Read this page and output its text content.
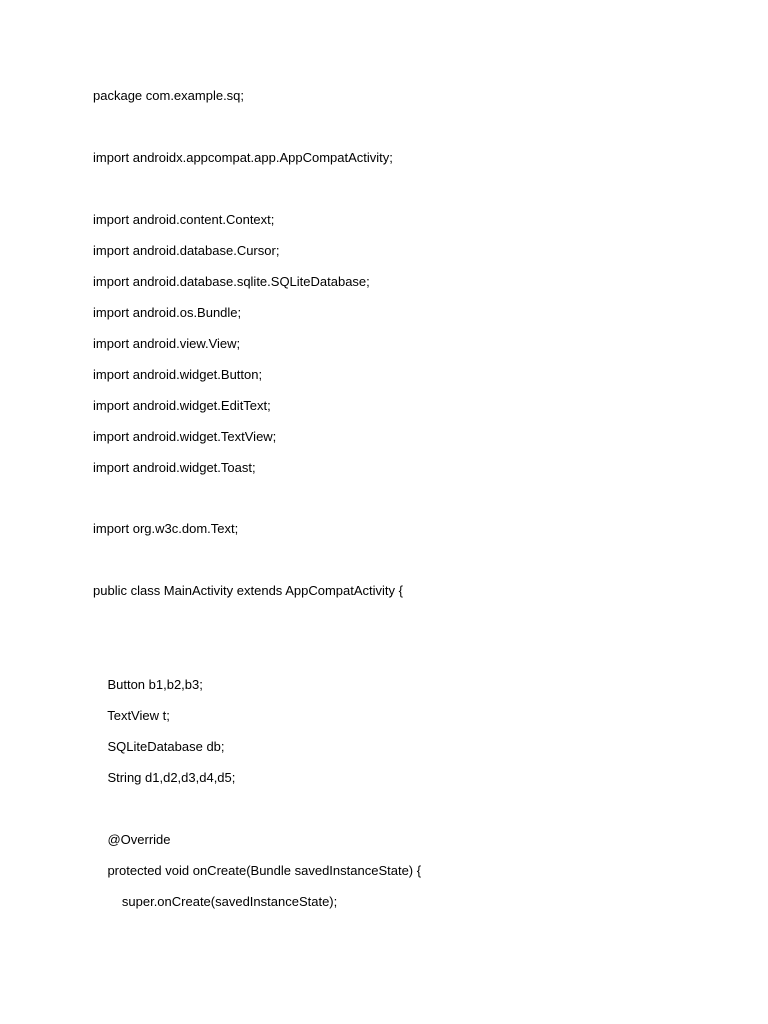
package com.example.sq;
import androidx.appcompat.app.AppCompatActivity;
import android.content.Context;
import android.database.Cursor;
import android.database.sqlite.SQLiteDatabase;
import android.os.Bundle;
import android.view.View;
import android.widget.Button;
import android.widget.EditText;
import android.widget.TextView;
import android.widget.Toast;
import org.w3c.dom.Text;
public class MainActivity extends AppCompatActivity {
Button b1,b2,b3;
TextView t;
SQLiteDatabase db;
String d1,d2,d3,d4,d5;
@Override
protected void onCreate(Bundle savedInstanceState) {
super.onCreate(savedInstanceState);
